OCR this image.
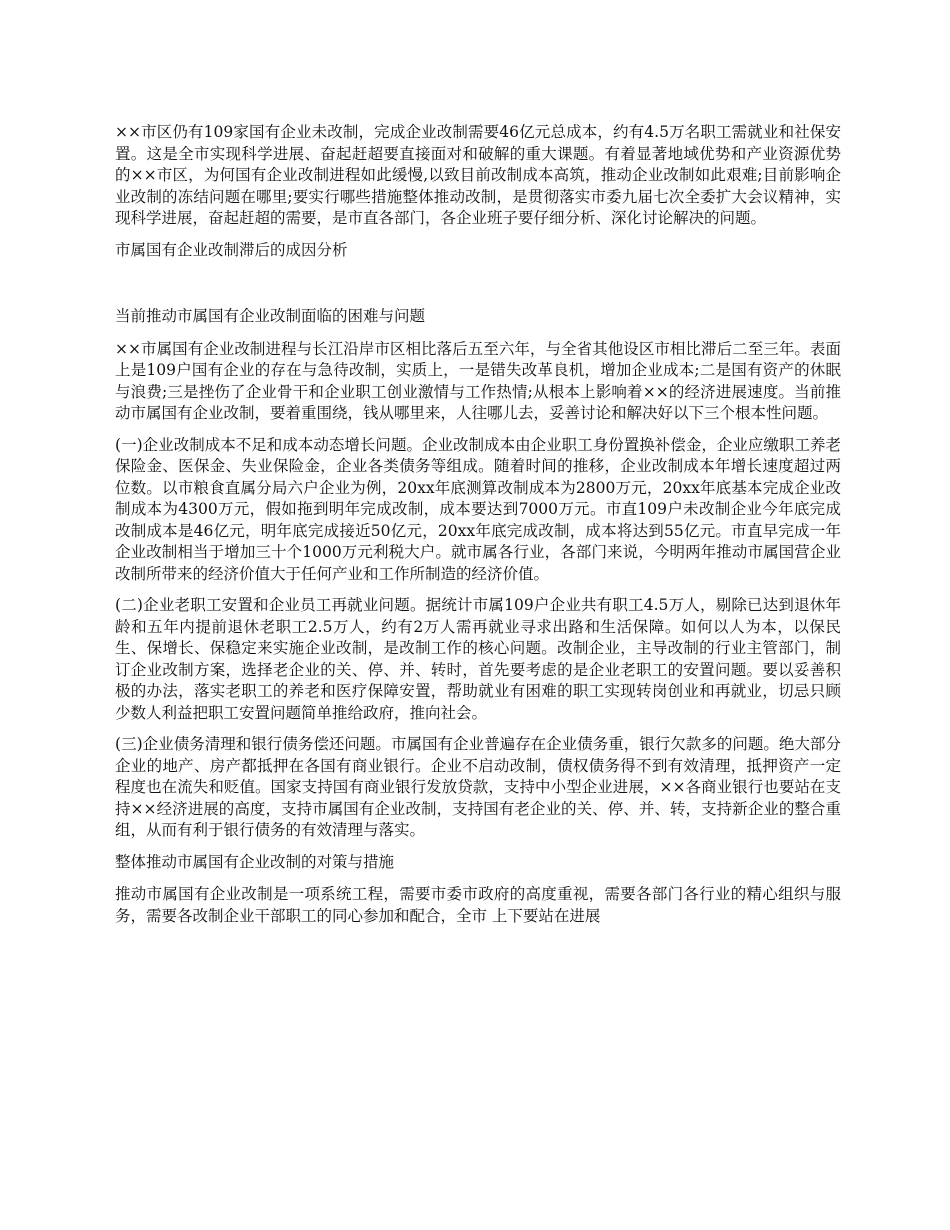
××市区仍有109家国有企业未改制，完成企业改制需要46亿元总成本，约有4.5万名职工需就业和社保安置。这是全市实现科学进展、奋起赶超要直接面对和破解的重大课题。有着显著地域优势和产业资源优势的××市区，为何国有企业改制进程如此缓慢,以致目前改制成本高筑，推动企业改制如此艰难;目前影响企业改制的冻结问题在哪里;要实行哪些措施整体推动改制，是贯彻落实市委九届七次全委扩大会议精神，实现科学进展，奋起赶超的需要，是市直各部门，各企业班子要仔细分析、深化讨论解决的问题。

市属国有企业改制滞后的成因分析

当前推动市属国有企业改制面临的困难与问题

××市属国有企业改制进程与长江沿岸市区相比落后五至六年，与全省其他设区市相比滞后二至三年。表面上是109户国有企业的存在与急待改制，实质上，一是错失改革良机，增加企业成本;二是国有资产的休眠与浪费;三是挫伤了企业骨干和企业职工创业激情与工作热情;从根本上影响着××的经济进展速度。当前推动市属国有企业改制，要着重围绕，钱从哪里来，人往哪儿去，妥善讨论和解决好以下三个根本性问题。

(一)企业改制成本不足和成本动态增长问题。企业改制成本由企业职工身份置换补偿金，企业应缴职工养老保险金、医保金、失业保险金，企业各类债务等组成。随着时间的推移，企业改制成本年增长速度超过两位数。以市粮食直属分局六户企业为例，20xx年底测算改制成本为2800万元，20xx年底基本完成企业改制成本为4300万元，假如拖到明年完成改制，成本要达到7000万元。市直109户未改制企业今年底完成改制成本是46亿元，明年底完成接近50亿元，20xx年底完成改制，成本将达到55亿元。市直早完成一年企业改制相当于增加三十个1000万元利税大户。就市属各行业，各部门来说，今明两年推动市属国营企业改制所带来的经济价值大于任何产业和工作所制造的经济价值。

(二)企业老职工安置和企业员工再就业问题。据统计市属109户企业共有职工4.5万人，剔除已达到退休年龄和五年内提前退休老职工2.5万人，约有2万人需再就业寻求出路和生活保障。如何以人为本，以保民生、保增长、保稳定来实施企业改制，是改制工作的核心问题。改制企业，主导改制的行业主管部门，制订企业改制方案，选择老企业的关、停、并、转时，首先要考虑的是企业老职工的安置问题。要以妥善积极的办法，落实老职工的养老和医疗保障安置，帮助就业有困难的职工实现转岗创业和再就业，切忌只顾少数人利益把职工安置问题简单推给政府，推向社会。

(三)企业债务清理和银行债务偿还问题。市属国有企业普遍存在企业债务重，银行欠款多的问题。绝大部分企业的地产、房产都抵押在各国有商业银行。企业不启动改制，债权债务得不到有效清理，抵押资产一定程度也在流失和贬值。国家支持国有商业银行发放贷款，支持中小型企业进展，××各商业银行也要站在支持××经济进展的高度，支持市属国有企业改制，支持国有老企业的关、停、并、转，支持新企业的整合重组，从而有利于银行债务的有效清理与落实。

整体推动市属国有企业改制的对策与措施

推动市属国有企业改制是一项系统工程，需要市委市政府的高度重视，需要各部门各行业的精心组织与服务，需要各改制企业干部职工的同心参加和配合，全市 上下要站在进展
